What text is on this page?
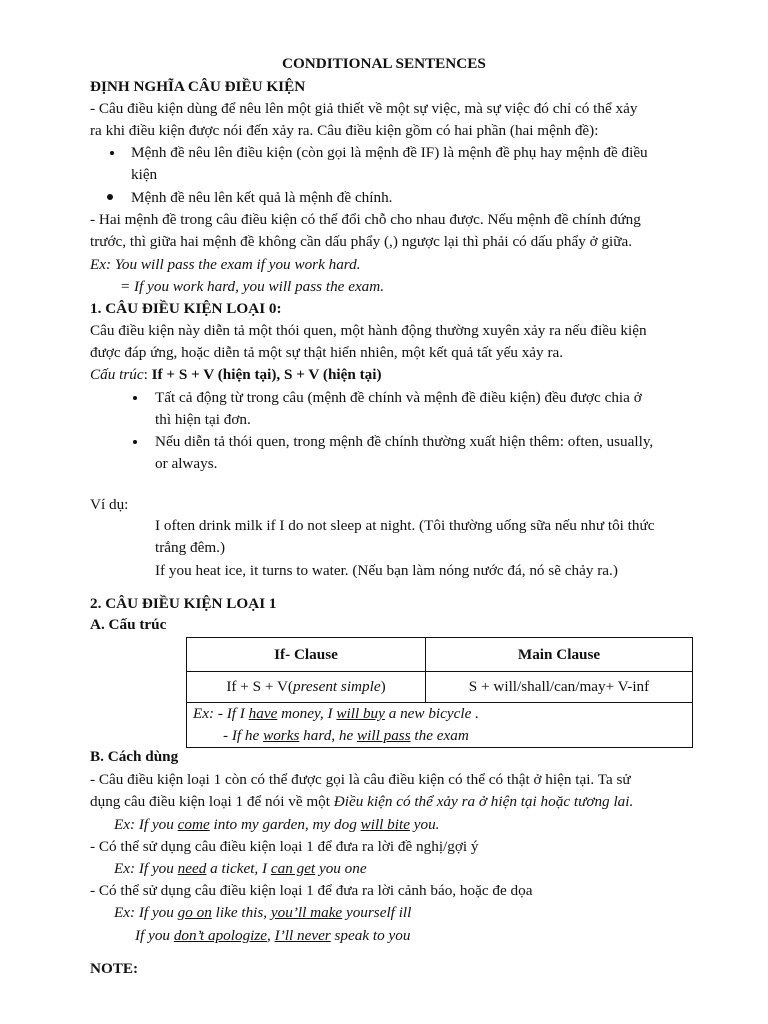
CONDITIONAL SENTENCES
ĐỊNH NGHĨA CÂU ĐIỀU KIỆN
- Câu điều kiện dùng để nêu lên một giả thiết về một sự việc, mà sự việc đó chỉ có thể xảy
ra khi điều kiện được nói đến xảy ra. Câu điều kiện gồm có hai phần (hai mệnh đề):
Mệnh đề nêu lên điều kiện (còn gọi là mệnh đề IF) là mệnh đề phụ hay mệnh đề điều
kiện
Mệnh đề nêu lên kết quả là mệnh đề chính.
- Hai mệnh đề trong câu điều kiện có thể đổi chỗ cho nhau được. Nếu mệnh đề chính đứng
trước, thì giữa hai mệnh đề không cần dấu phẩy (,) ngược lại thì phải có dấu phẩy ở giữa.
Ex: You will pass the exam if you work hard.
= If you work hard, you will pass the exam.
1. CÂU ĐIỀU KIỆN LOẠI 0:
Câu điều kiện này diễn tả một thói quen, một hành động thường xuyên xảy ra nếu điều kiện
được đáp ứng, hoặc diễn tả một sự thật hiển nhiên, một kết quả tất yếu xảy ra.
Cấu trúc: If + S + V (hiện tại), S + V (hiện tại)
Tất cả động từ trong câu (mệnh đề chính và mệnh đề điều kiện) đều được chia ở
thì hiện tại đơn.
Nếu diễn tả thói quen, trong mệnh đề chính thường xuất hiện thêm: often, usually,
or always.
Ví dụ:
I often drink milk if I do not sleep at night. (Tôi thường uống sữa nếu như tôi thức
trắng đêm.)
If you heat ice, it turns to water. (Nếu bạn làm nóng nước đá, nó sẽ chảy ra.)
2. CÂU ĐIỀU KIỆN LOẠI 1
A. Cấu trúc
If- Clause	Main Clause
If + S + V(present simple)	S + will/shall/can/may+ V-inf

Ex: - If I have money, I will buy a new bicycle .
- If he works hard, he will pass the exam	
B. Cách dùng
- Câu điều kiện loại 1 còn có thể được gọi là câu điều kiện có thể có thật ở hiện tại. Ta sử
dụng câu điều kiện loại 1 để nói về một Điều kiện có thể xảy ra ở hiện tại hoặc tương lai.
Ex: If you come into my garden, my dog will bite you.
- Có thể sử dụng câu điều kiện loại 1 để đưa ra lời đề nghị/gợi ý
Ex: If you need a ticket, I can get you one
- Có thể sử dụng câu điều kiện loại 1 để đưa ra lời cảnh báo, hoặc đe dọa
Ex: If you go on like this, you’ll make yourself ill
If you don’t apologize, I’ll never speak to you
NOTE:
